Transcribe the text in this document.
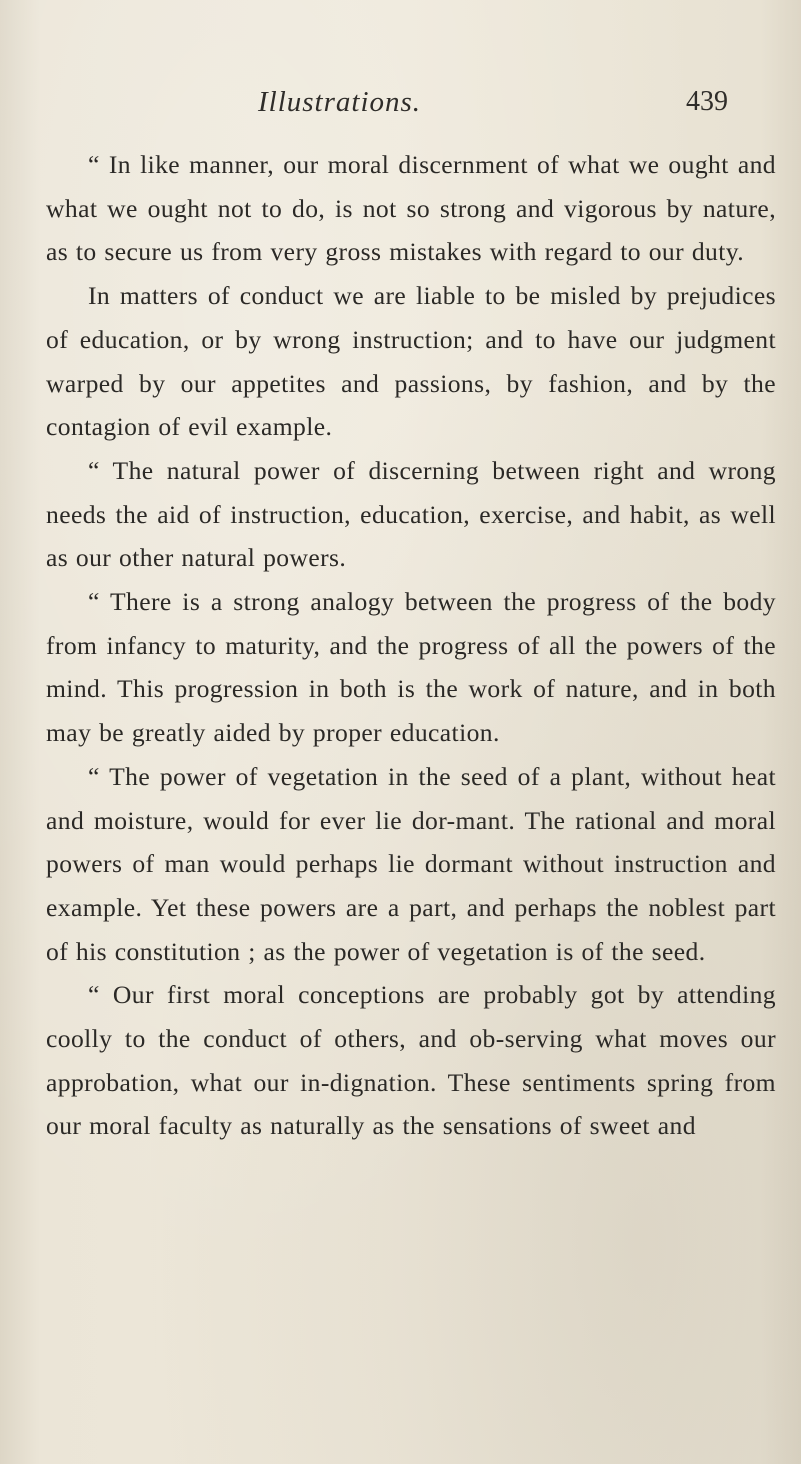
Illustrations.	439

“ In like manner, our moral discernment of what we ought and what we ought not to do, is not so strong and vigorous by nature, as to secure us from very gross mistakes with regard to our duty.

In matters of conduct we are liable to be misled by prejudices of education, or by wrong instruction; and to have our judgment warped by our appetites and passions, by fashion, and by the contagion of evil example.

“ The natural power of discerning between right and wrong needs the aid of instruction, education, exercise, and habit, as well as our other natural powers.

“ There is a strong analogy between the progress of the body from infancy to maturity, and the progress of all the powers of the mind. This progression in both is the work of nature, and in both may be greatly aided by proper education.

“ The power of vegetation in the seed of a plant, without heat and moisture, would for ever lie dor-mant. The rational and moral powers of man would perhaps lie dormant without instruction and example. Yet these powers are a part, and perhaps the noblest part of his constitution ; as the power of vegetation is of the seed.

“ Our first moral conceptions are probably got by attending coolly to the conduct of others, and ob-serving what moves our approbation, what our in-dignation. These sentiments spring from our moral faculty as naturally as the sensations of sweet and
